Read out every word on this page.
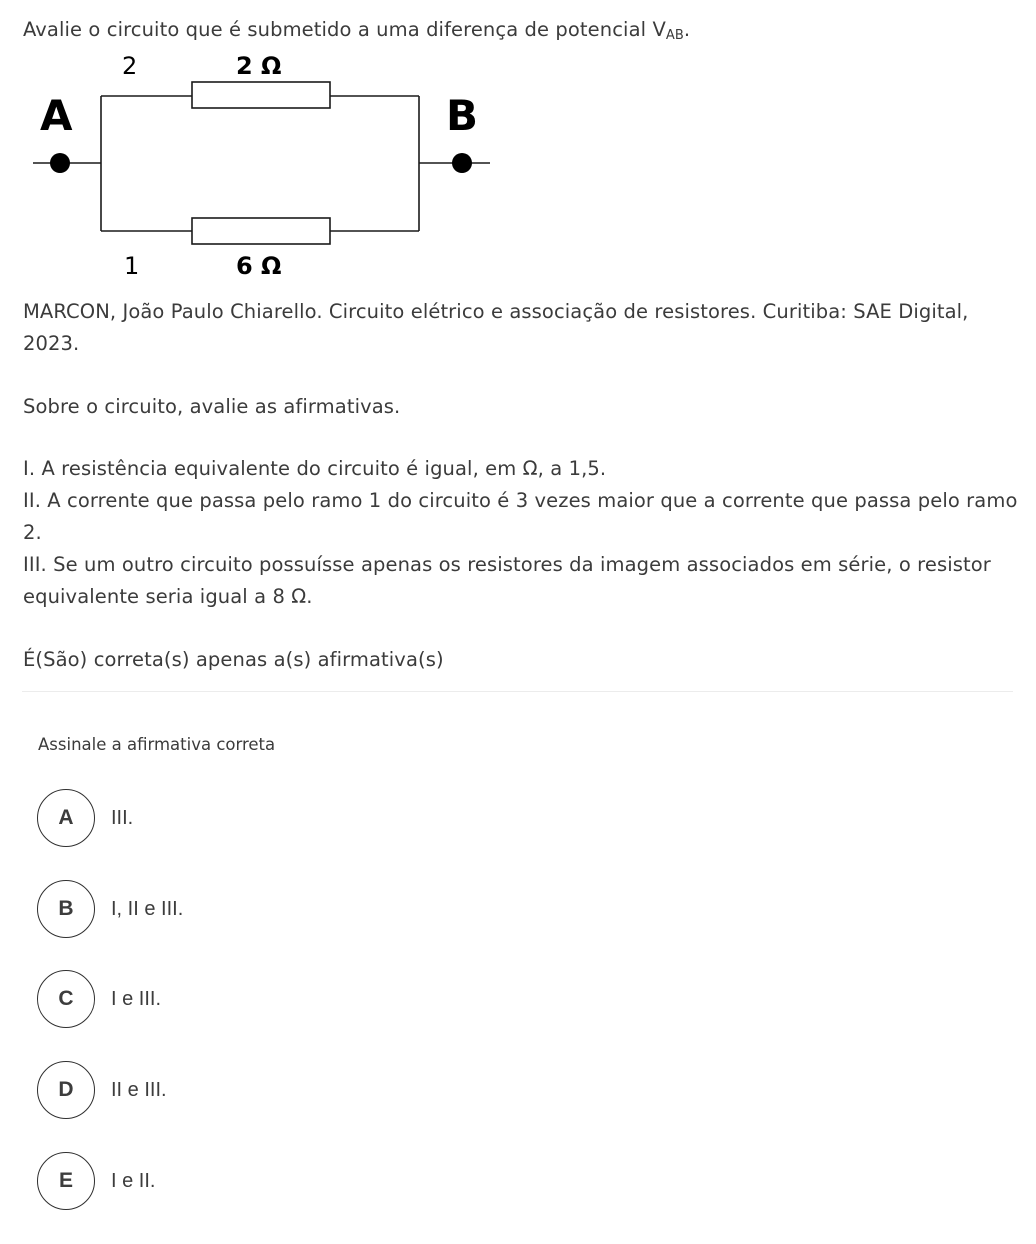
Avalie o circuito que é submetido a uma diferença de potencial $V_{AB}$.
A	B
2
1
2 Ω
6 Ω
MARCON, João Paulo Chiarello. Circuito elétrico e associação de resistores. Curitiba: SAE Digital, 2023.
Sobre o circuito, avalie as afirmativas.
I. A resistência equivalente do circuito é igual, em Ω, a 1,5.
II. A corrente que passa pelo ramo 1 do circuito é 3 vezes maior que a corrente que passa pelo ramo 2.
III. Se um outro circuito possuísse apenas os resistores da imagem associados em série, o resistor equivalente seria igual a 8 Ω.
É(São) correta(s) apenas a(s) afirmativa(s)
Assinale a afirmativa correta
A	III.
B	I, II e III.
C	I e III.
D	II e III.
E	I e II.
